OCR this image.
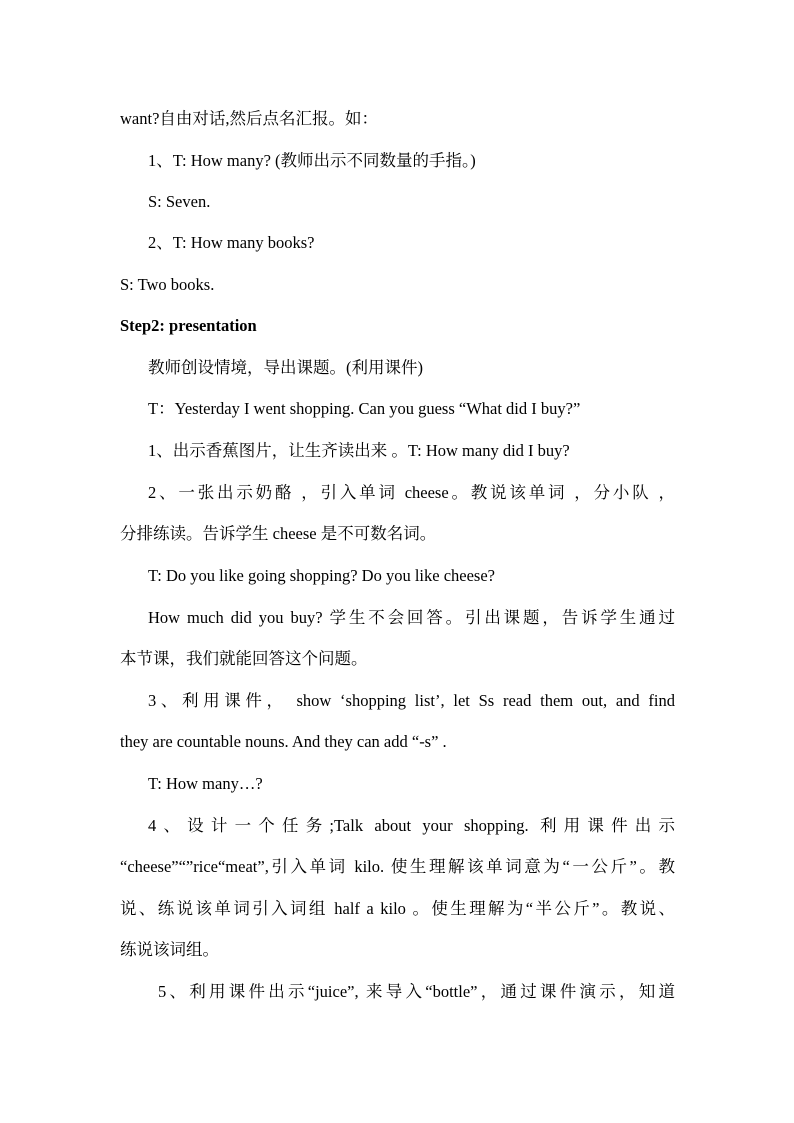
want?自由对话,然后点名汇报。如：
1、T: How many? (教师出示不同数量的手指。)
S: Seven.
2、T: How many books?
S: Two books.
Step2: presentation
教师创设情境，导出课题。(利用课件)
T：Yesterday I went shopping. Can you guess “What did I buy?”
1、出示香蕉图片，让生齐读出来 。T: How many did I buy?
2、一张出示奶酪 ，引入单词 cheese。教说该单词 ，分小队 ，
分排练读。告诉学生 cheese 是不可数名词。
T: Do you like going shopping? Do you like cheese?
How much did you buy? 学生不会回答。引出课题，告诉学生通过
本节课，我们就能回答这个问题。
3、利用课件， show ‘shopping list’, let Ss read them out, and find
they are countable nouns. And they can add “-s” .
T: How many…?
4、设计一个任务;Talk about your shopping. 利用课件出示
“cheese”“”rice“meat”,引入单词 kilo. 使生理解该单词意为“一公斤”。教
说、练说该单词引入词组 half a kilo 。使生理解为“半公斤”。教说、
练说该词组。
5、利用课件出示“juice”, 来导入“bottle”，通过课件演示，知道
